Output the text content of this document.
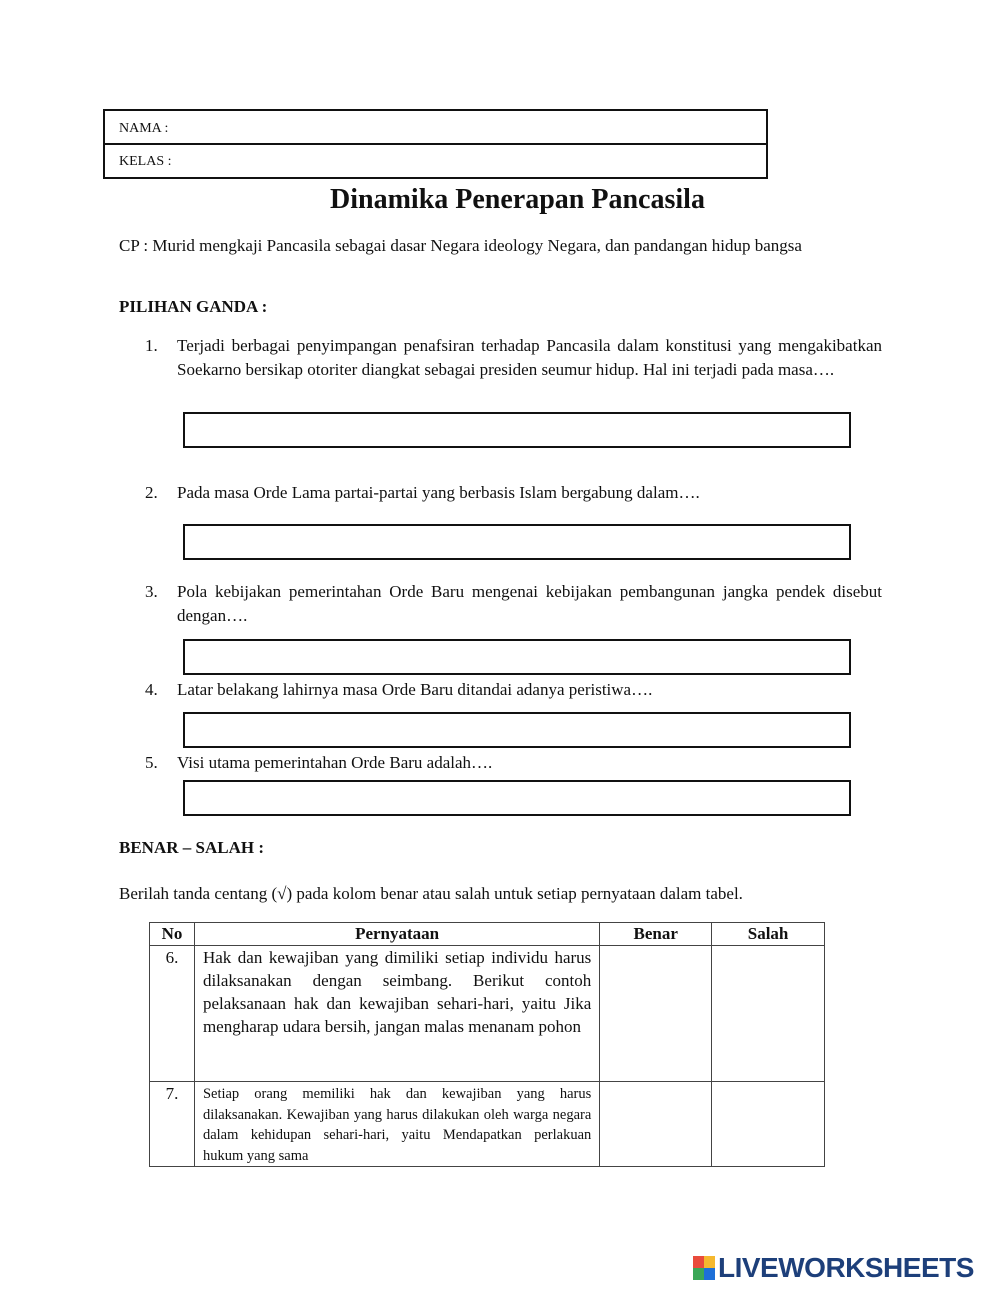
NAMA :
KELAS :
Dinamika Penerapan Pancasila
CP : Murid mengkaji Pancasila sebagai dasar Negara ideology Negara, dan pandangan hidup bangsa
PILIHAN GANDA :
1.	Terjadi berbagai penyimpangan penafsiran terhadap Pancasila dalam konstitusi yang mengakibatkan Soekarno bersikap otoriter diangkat sebagai presiden seumur hidup. Hal ini terjadi pada masa….
2.	Pada masa Orde Lama partai-partai yang berbasis Islam bergabung dalam….
3.	Pola kebijakan pemerintahan Orde Baru mengenai kebijakan pembangunan jangka pendek disebut dengan….
4.	Latar belakang lahirnya masa Orde Baru ditandai adanya peristiwa….
5.	Visi utama pemerintahan Orde Baru adalah….
BENAR – SALAH :
Berilah tanda centang (√) pada kolom benar atau salah untuk setiap pernyataan dalam tabel.
No	Pernyataan	Benar	Salah
6.	Hak dan kewajiban yang dimiliki setiap individu harus dilaksanakan dengan seimbang. Berikut contoh pelaksanaan hak dan kewajiban sehari-hari, yaitu Jika mengharap udara bersih, jangan malas menanam pohon		
7.	Setiap orang memiliki hak dan kewajiban yang harus dilaksanakan. Kewajiban yang harus dilakukan oleh warga negara dalam kehidupan sehari-hari, yaitu Mendapatkan perlakuan hukum yang sama		
LIVEWORKSHEETS
